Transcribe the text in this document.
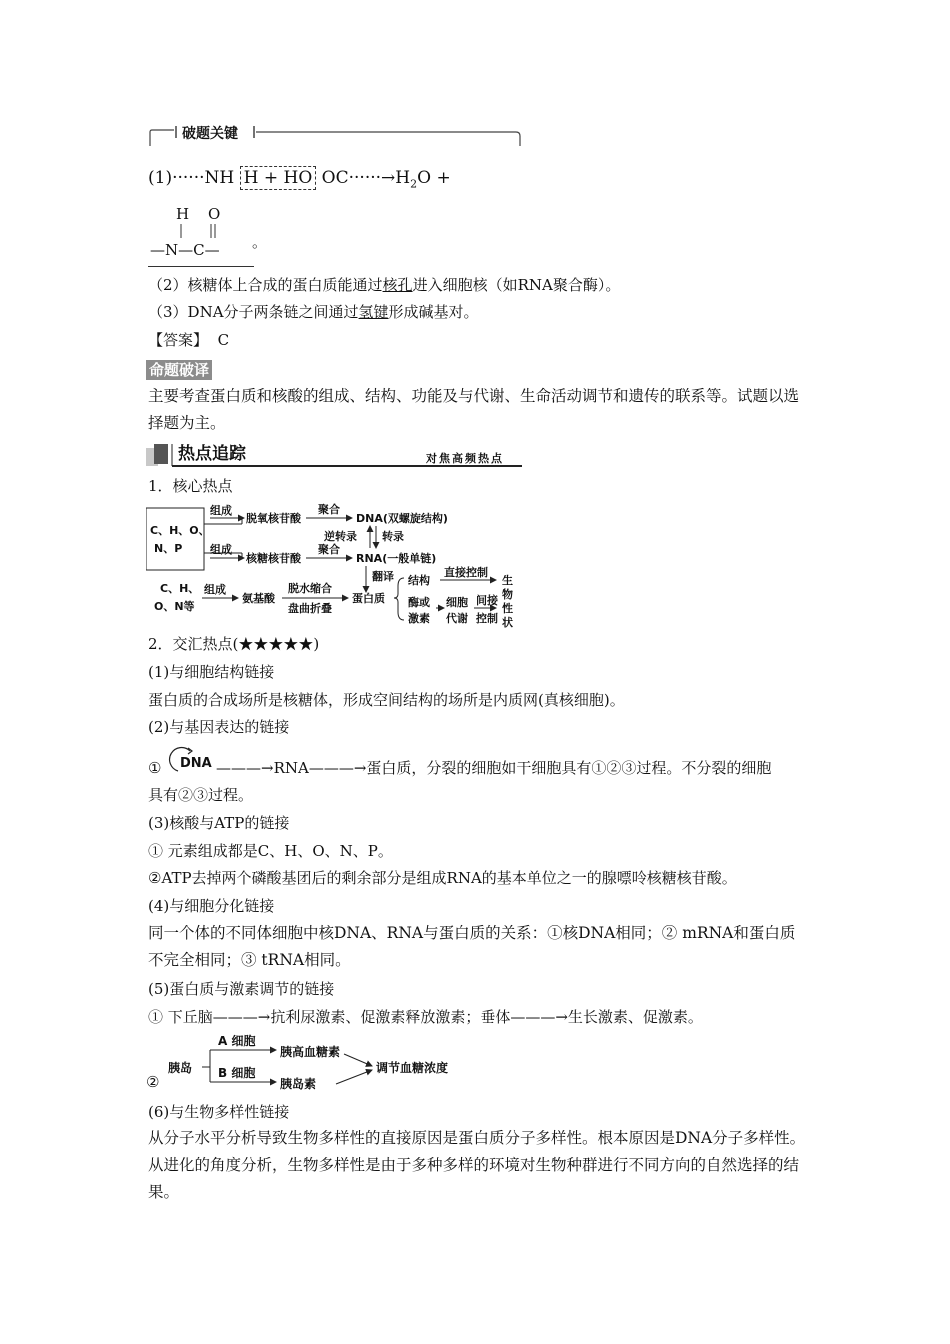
破题关键
(1)······NH H + HO $OC\cdot\cdot\cdot\cdot\cdot\cdot\to H_2O$ +
H O
—N—C— 。
（2）核糖体上合成的蛋白质能通过核孔进入细胞核（如RNA聚合酶）。
（3）DNA分子两条链之间通过氢键形成碱基对。
【答案】 C
命题破译
主要考查蛋白质和核酸的组成、结构、功能及与代谢、生命活动调节和遗传的联系等。试题以选择题为主。
热点追踪	对焦高频热点
1．核心热点
C、H、O、
N、P
组成
脱氧核苷酸
聚合
DNA(双螺旋结构)
组成
核糖核苷酸
聚合
RNA(一般单链)
逆转录 转录
翻译
C、H、
O、N等
组成
氨基酸
脱水缩合
盘曲折叠
蛋白质
结构
直接控制
酶或
激素
细胞
代谢
间接
控制
生
物
性
状
2．交汇热点(★★★★★)
(1)与细胞结构链接
蛋白质的合成场所是核糖体，形成空间结构的场所是内质网(真核细胞)。
(2)与基因表达的链接
① DNA ———→RNA———→蛋白质，分裂的细胞如干细胞具有①②③过程。不分裂的细胞
具有②③过程。
(3)核酸与ATP的链接
① 元素组成都是C、H、O、N、P。
②ATP去掉两个磷酸基团后的剩余部分是组成RNA的基本单位之一的腺嘌呤核糖核苷酸。
(4)与细胞分化链接
同一个体的不同体细胞中核DNA、RNA与蛋白质的关系：①核DNA相同；② mRNA和蛋白质不完全相同；③ tRNA相同。
(5)蛋白质与激素调节的链接
① 下丘脑———→抗利尿激素、促激素释放激素；垂体———→生长激素、促激素。
②
胰岛
A 细胞
B 细胞
胰高血糖素
胰岛素
调节血糖浓度
(6)与生物多样性链接
从分子水平分析导致生物多样性的直接原因是蛋白质分子多样性。根本原因是DNA分子多样性。从进化的角度分析，生物多样性是由于多种多样的环境对生物种群进行不同方向的自然选择的结果。
